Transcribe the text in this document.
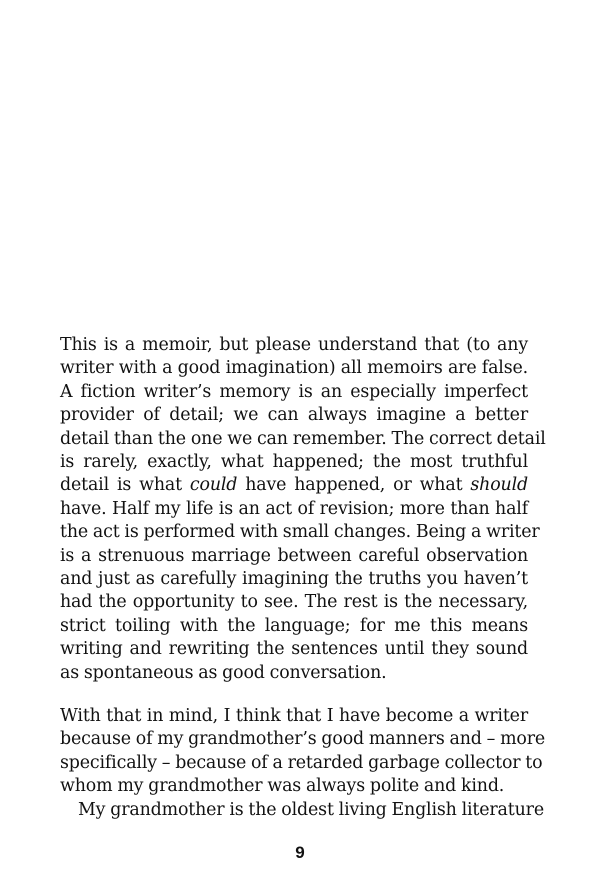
This is a memoir, but please understand that (to any
writer with a good imagination) all memoirs are false.
A fiction writer’s memory is an especially imperfect
provider of detail; we can always imagine a better
detail than the one we can remember. The correct detail
is rarely, exactly, what happened; the most truthful
detail is what could have happened, or what should
have. Half my life is an act of revision; more than half
the act is performed with small changes. Being a writer
is a strenuous marriage between careful observation
and just as carefully imagining the truths you haven’t
had the opportunity to see. The rest is the necessary,
strict toiling with the language; for me this means
writing and rewriting the sentences until they sound
as spontaneous as good conversation.
With that in mind, I think that I have become a writer
because of my grandmother’s good manners and – more
specifically – because of a retarded garbage collector to
whom my grandmother was always polite and kind.
My grandmother is the oldest living English literature
9
